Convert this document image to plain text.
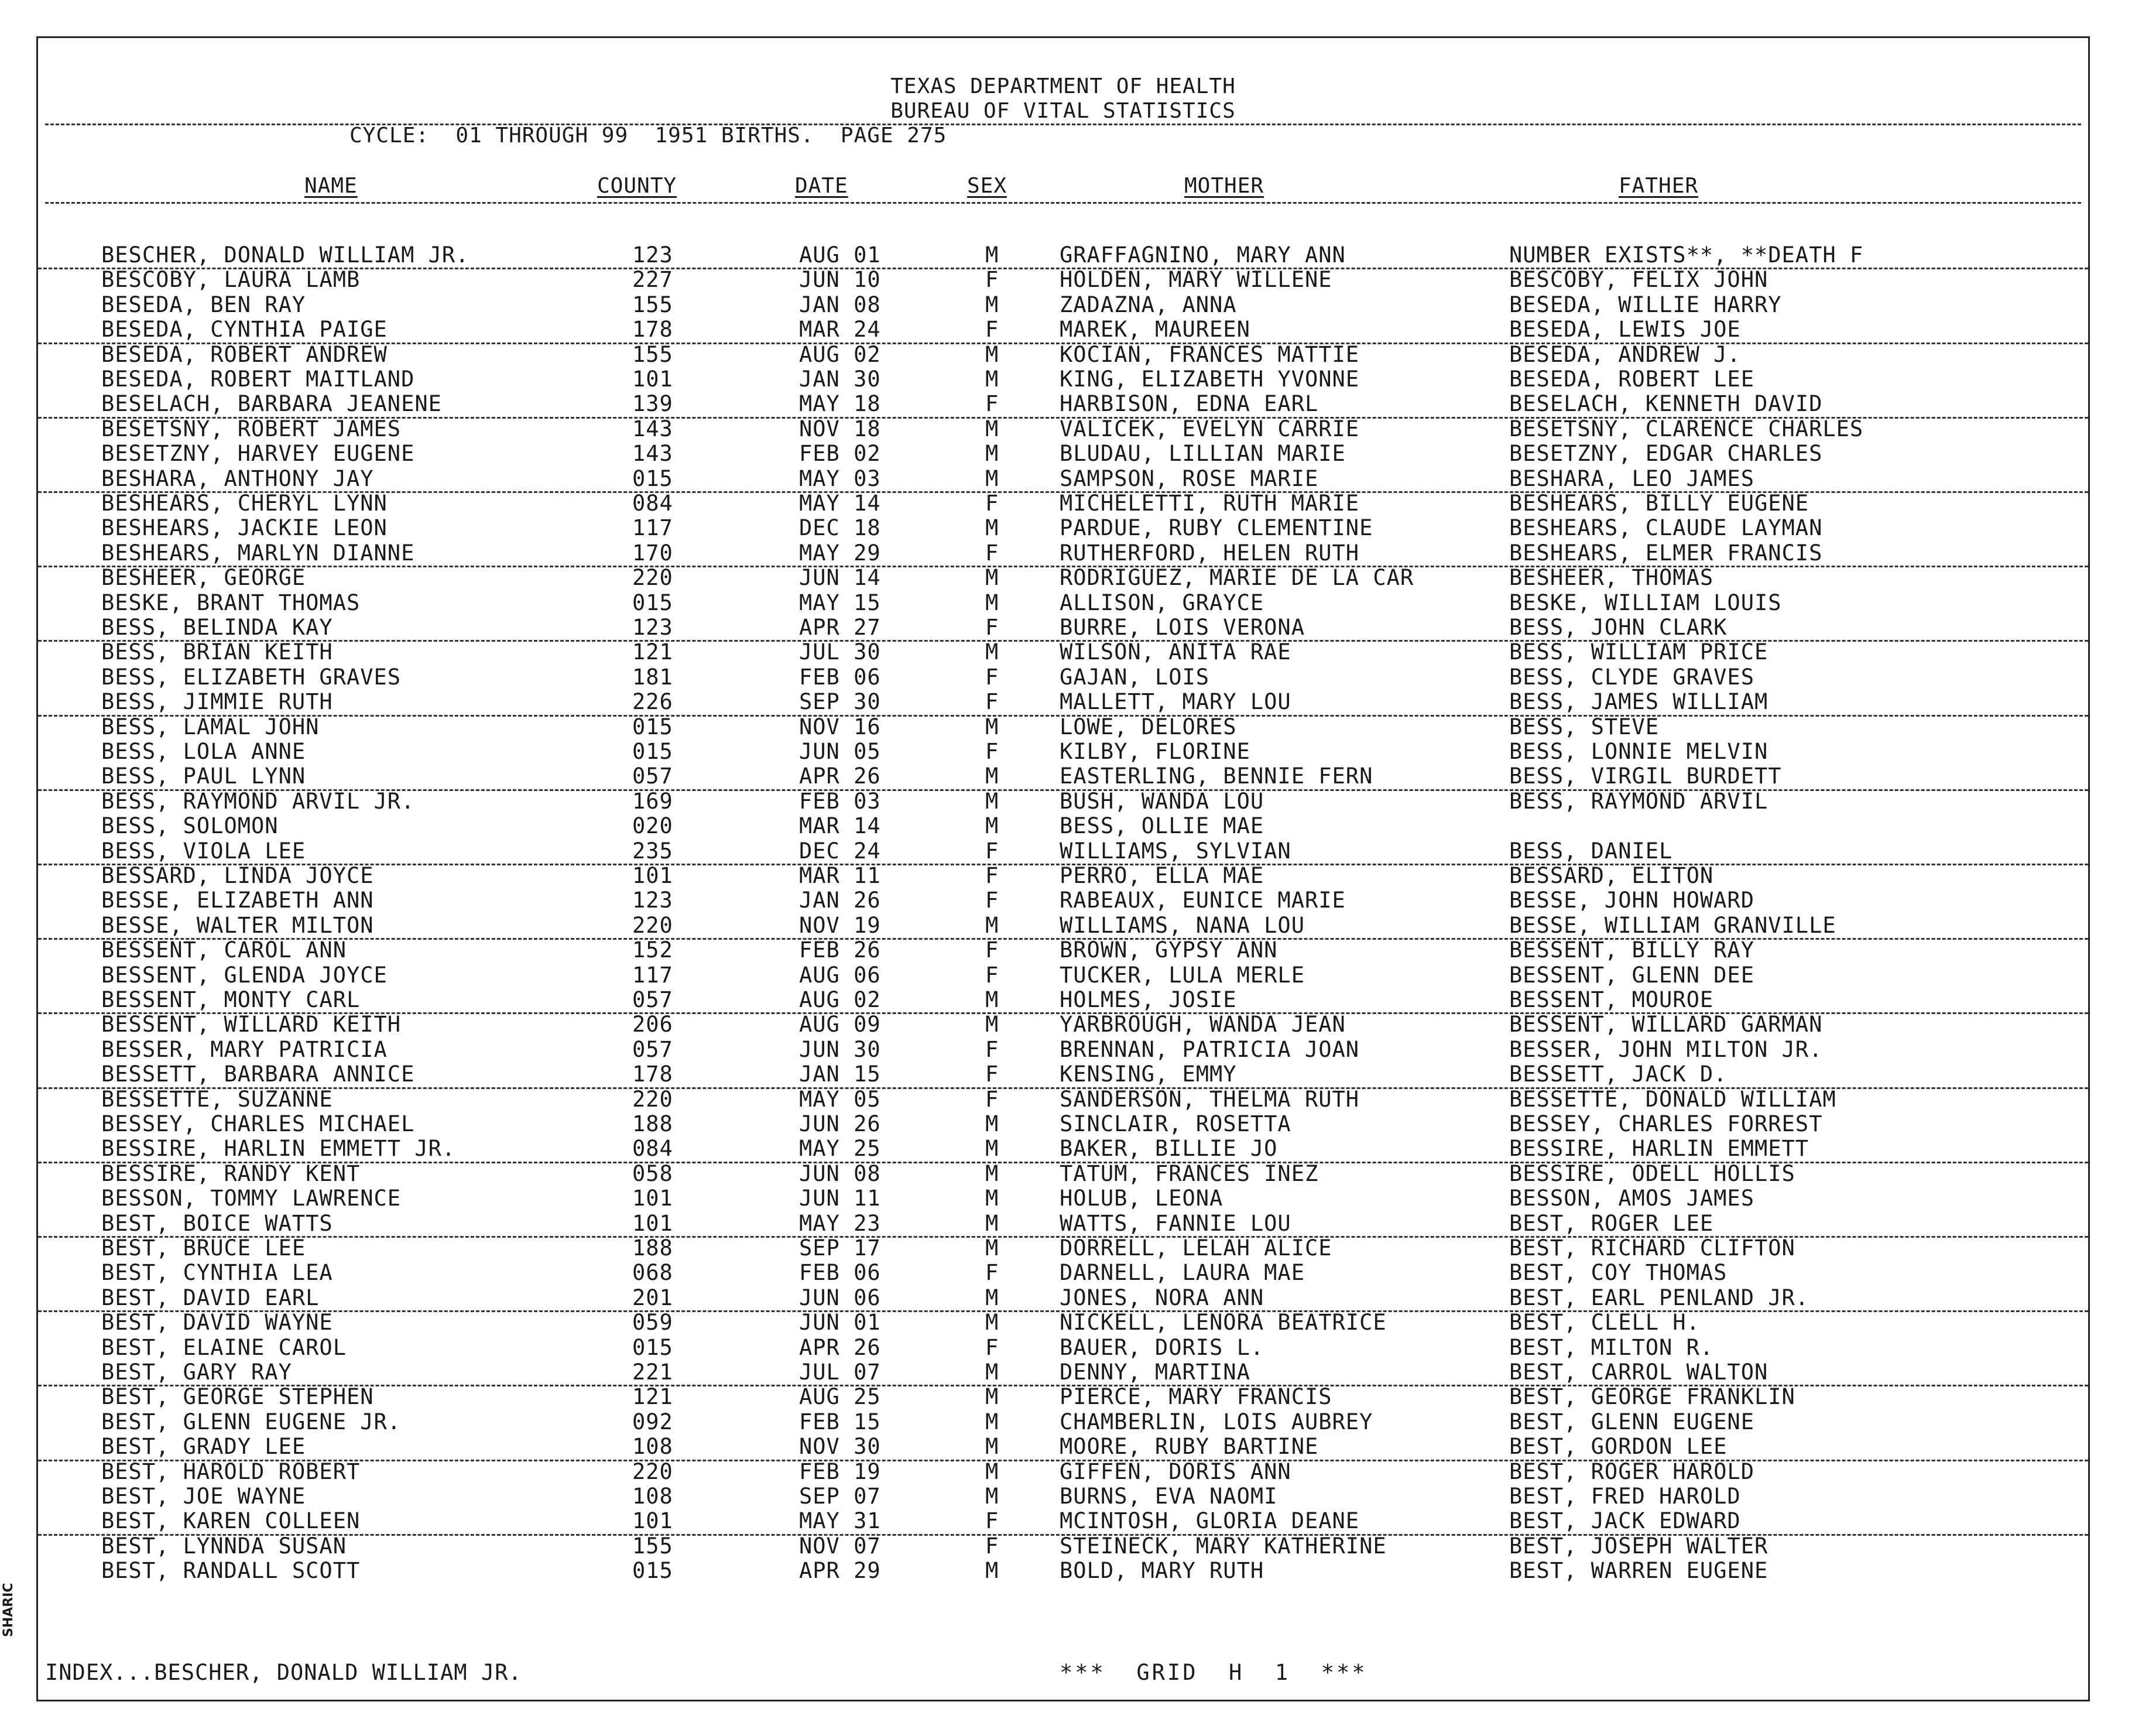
TEXAS DEPARTMENT OF HEALTH
BUREAU OF VITAL STATISTICS
CYCLE:  01 THROUGH 99  1951 BIRTHS.  PAGE 275
NAME	COUNTY	DATE	SEX	MOTHER	FATHER
BESCHER, DONALD WILLIAM JR.	123	AUG 01	M	GRAFFAGNINO, MARY ANN	NUMBER EXISTS**, **DEATH F
BESCOBY, LAURA LAMB	227	JUN 10	F	HOLDEN, MARY WILLENE	BESCOBY, FELIX JOHN
BESEDA, BEN RAY	155	JAN 08	M	ZADAZNA, ANNA	BESEDA, WILLIE HARRY
BESEDA, CYNTHIA PAIGE	178	MAR 24	F	MAREK, MAUREEN	BESEDA, LEWIS JOE
BESEDA, ROBERT ANDREW	155	AUG 02	M	KOCIAN, FRANCES MATTIE	BESEDA, ANDREW J.
BESEDA, ROBERT MAITLAND	101	JAN 30	M	KING, ELIZABETH YVONNE	BESEDA, ROBERT LEE
BESELACH, BARBARA JEANENE	139	MAY 18	F	HARBISON, EDNA EARL	BESELACH, KENNETH DAVID
BESETSNY, ROBERT JAMES	143	NOV 18	M	VALICEK, EVELYN CARRIE	BESETSNY, CLARENCE CHARLES
BESETZNY, HARVEY EUGENE	143	FEB 02	M	BLUDAU, LILLIAN MARIE	BESETZNY, EDGAR CHARLES
BESHARA, ANTHONY JAY	015	MAY 03	M	SAMPSON, ROSE MARIE	BESHARA, LEO JAMES
BESHEARS, CHERYL LYNN	084	MAY 14	F	MICHELETTI, RUTH MARIE	BESHEARS, BILLY EUGENE
BESHEARS, JACKIE LEON	117	DEC 18	M	PARDUE, RUBY CLEMENTINE	BESHEARS, CLAUDE LAYMAN
BESHEARS, MARLYN DIANNE	170	MAY 29	F	RUTHERFORD, HELEN RUTH	BESHEARS, ELMER FRANCIS
BESHEER, GEORGE	220	JUN 14	M	RODRIGUEZ, MARIE DE LA CAR	BESHEER, THOMAS
BESKE, BRANT THOMAS	015	MAY 15	M	ALLISON, GRAYCE	BESKE, WILLIAM LOUIS
BESS, BELINDA KAY	123	APR 27	F	BURRE, LOIS VERONA	BESS, JOHN CLARK
BESS, BRIAN KEITH	121	JUL 30	M	WILSON, ANITA RAE	BESS, WILLIAM PRICE
BESS, ELIZABETH GRAVES	181	FEB 06	F	GAJAN, LOIS	BESS, CLYDE GRAVES
BESS, JIMMIE RUTH	226	SEP 30	F	MALLETT, MARY LOU	BESS, JAMES WILLIAM
BESS, LAMAL JOHN	015	NOV 16	M	LOWE, DELORES	BESS, STEVE
BESS, LOLA ANNE	015	JUN 05	F	KILBY, FLORINE	BESS, LONNIE MELVIN
BESS, PAUL LYNN	057	APR 26	M	EASTERLING, BENNIE FERN	BESS, VIRGIL BURDETT
BESS, RAYMOND ARVIL JR.	169	FEB 03	M	BUSH, WANDA LOU	BESS, RAYMOND ARVIL
BESS, SOLOMON	020	MAR 14	M	BESS, OLLIE MAE
BESS, VIOLA LEE	235	DEC 24	F	WILLIAMS, SYLVIAN	BESS, DANIEL
BESSARD, LINDA JOYCE	101	MAR 11	F	PERRO, ELLA MAE	BESSARD, ELITON
BESSE, ELIZABETH ANN	123	JAN 26	F	RABEAUX, EUNICE MARIE	BESSE, JOHN HOWARD
BESSE, WALTER MILTON	220	NOV 19	M	WILLIAMS, NANA LOU	BESSE, WILLIAM GRANVILLE
BESSENT, CAROL ANN	152	FEB 26	F	BROWN, GYPSY ANN	BESSENT, BILLY RAY
BESSENT, GLENDA JOYCE	117	AUG 06	F	TUCKER, LULA MERLE	BESSENT, GLENN DEE
BESSENT, MONTY CARL	057	AUG 02	M	HOLMES, JOSIE	BESSENT, MOUROE
BESSENT, WILLARD KEITH	206	AUG 09	M	YARBROUGH, WANDA JEAN	BESSENT, WILLARD GARMAN
BESSER, MARY PATRICIA	057	JUN 30	F	BRENNAN, PATRICIA JOAN	BESSER, JOHN MILTON JR.
BESSETT, BARBARA ANNICE	178	JAN 15	F	KENSING, EMMY	BESSETT, JACK D.
BESSETTE, SUZANNE	220	MAY 05	F	SANDERSON, THELMA RUTH	BESSETTE, DONALD WILLIAM
BESSEY, CHARLES MICHAEL	188	JUN 26	M	SINCLAIR, ROSETTA	BESSEY, CHARLES FORREST
BESSIRE, HARLIN EMMETT JR.	084	MAY 25	M	BAKER, BILLIE JO	BESSIRE, HARLIN EMMETT
BESSIRE, RANDY KENT	058	JUN 08	M	TATUM, FRANCES INEZ	BESSIRE, ODELL HOLLIS
BESSON, TOMMY LAWRENCE	101	JUN 11	M	HOLUB, LEONA	BESSON, AMOS JAMES
BEST, BOICE WATTS	101	MAY 23	M	WATTS, FANNIE LOU	BEST, ROGER LEE
BEST, BRUCE LEE	188	SEP 17	M	DORRELL, LELAH ALICE	BEST, RICHARD CLIFTON
BEST, CYNTHIA LEA	068	FEB 06	F	DARNELL, LAURA MAE	BEST, COY THOMAS
BEST, DAVID EARL	201	JUN 06	M	JONES, NORA ANN	BEST, EARL PENLAND JR.
BEST, DAVID WAYNE	059	JUN 01	M	NICKELL, LENORA BEATRICE	BEST, CLELL H.
BEST, ELAINE CAROL	015	APR 26	F	BAUER, DORIS L.	BEST, MILTON R.
BEST, GARY RAY	221	JUL 07	M	DENNY, MARTINA	BEST, CARROL WALTON
BEST, GEORGE STEPHEN	121	AUG 25	M	PIERCE, MARY FRANCIS	BEST, GEORGE FRANKLIN
BEST, GLENN EUGENE JR.	092	FEB 15	M	CHAMBERLIN, LOIS AUBREY	BEST, GLENN EUGENE
BEST, GRADY LEE	108	NOV 30	M	MOORE, RUBY BARTINE	BEST, GORDON LEE
BEST, HAROLD ROBERT	220	FEB 19	M	GIFFEN, DORIS ANN	BEST, ROGER HAROLD
BEST, JOE WAYNE	108	SEP 07	M	BURNS, EVA NAOMI	BEST, FRED HAROLD
BEST, KAREN COLLEEN	101	MAY 31	F	MCINTOSH, GLORIA DEANE	BEST, JACK EDWARD
BEST, LYNNDA SUSAN	155	NOV 07	F	STEINECK, MARY KATHERINE	BEST, JOSEPH WALTER
BEST, RANDALL SCOTT	015	APR 29	M	BOLD, MARY RUTH	BEST, WARREN EUGENE
INDEX...BESCHER, DONALD WILLIAM JR.	***  GRID  H  1  ***
SHARIC
